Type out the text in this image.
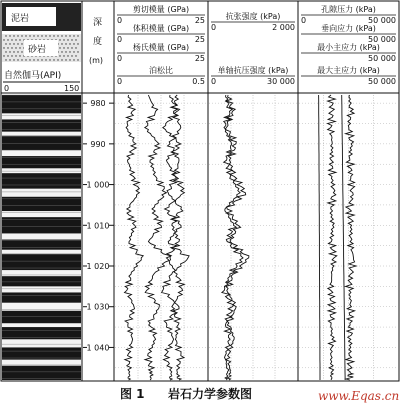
泥岩
砂岩
自然伽马(API)
0	150
深
度
(m)
剪切模量 (GPa)
0	25
体积模量 (GPa)
0	25
杨氏模量 (GPa)
0	25
泊松比
0	0.5
抗张强度 (kPa)
0	2 000
单轴抗压强度 (kPa)
0	30 000
孔隙压力 (kPa)
0	50 000
垂向应力 (kPa)
50 000
最小主应力 (kPa)
50 000
最大主应力 (kPa)
50 000
980
990
1 000
1 010
1 020
1 030
1 040
图 1 岩石力学参数图	www.Eqas.cn
